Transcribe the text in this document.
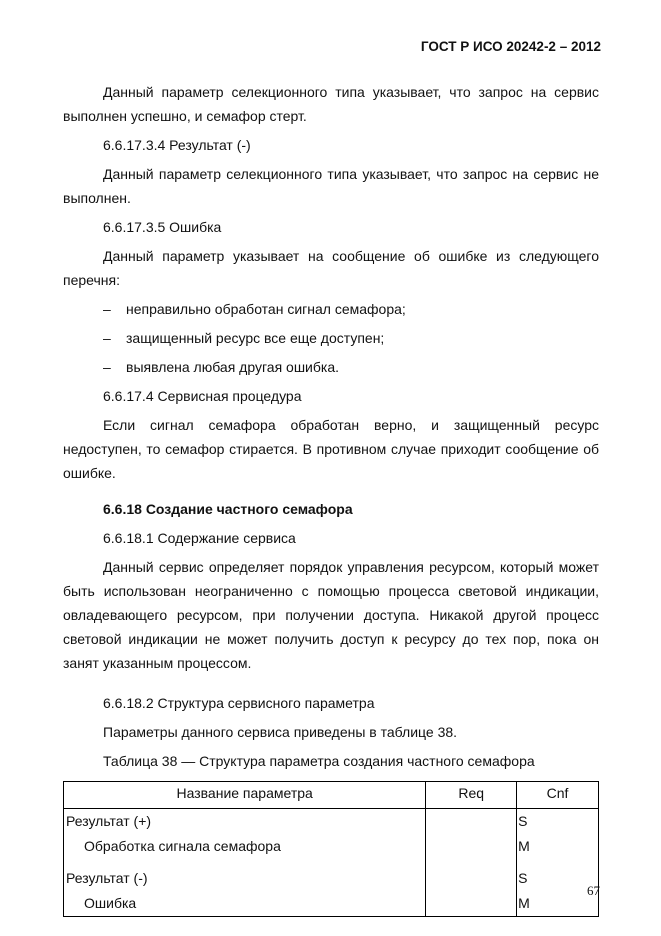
ГОСТ Р ИСО 20242-2 – 2012

Данный параметр селекционного типа указывает, что запрос на сервис выполнен успешно, и семафор стерт.

6.6.17.3.4 Результат (-)

Данный параметр селекционного типа указывает, что запрос на сервис не выполнен.

6.6.17.3.5 Ошибка

Данный параметр указывает на сообщение об ошибке из следующего перечня:

– неправильно обработан сигнал семафора;
– защищенный ресурс все еще доступен;
– выявлена любая другая ошибка.
6.6.17.4 Сервисная процедура

Если сигнал семафора обработан верно, и защищенный ресурс недоступен, то семафор стирается. В противном случае приходит сообщение об ошибке.

6.6.18 Создание частного семафора
6.6.18.1 Содержание сервиса

Данный сервис определяет порядок управления ресурсом, который может быть использован неограниченно с помощью процесса световой индикации, овладевающего ресурсом, при получении доступа. Никакой другой процесс световой индикации не может получить доступ к ресурсу до тех пор, пока он занят указанным процессом.

6.6.18.2 Структура сервисного параметра
Параметры данного сервиса приведены в таблице 38.
Таблица 38 — Структура параметра создания частного семафора
Название параметра	Req	Cnf
Результат (+)		S
Обработка сигнала семафора		M
Результат (-)		S
Ошибка		M
67
